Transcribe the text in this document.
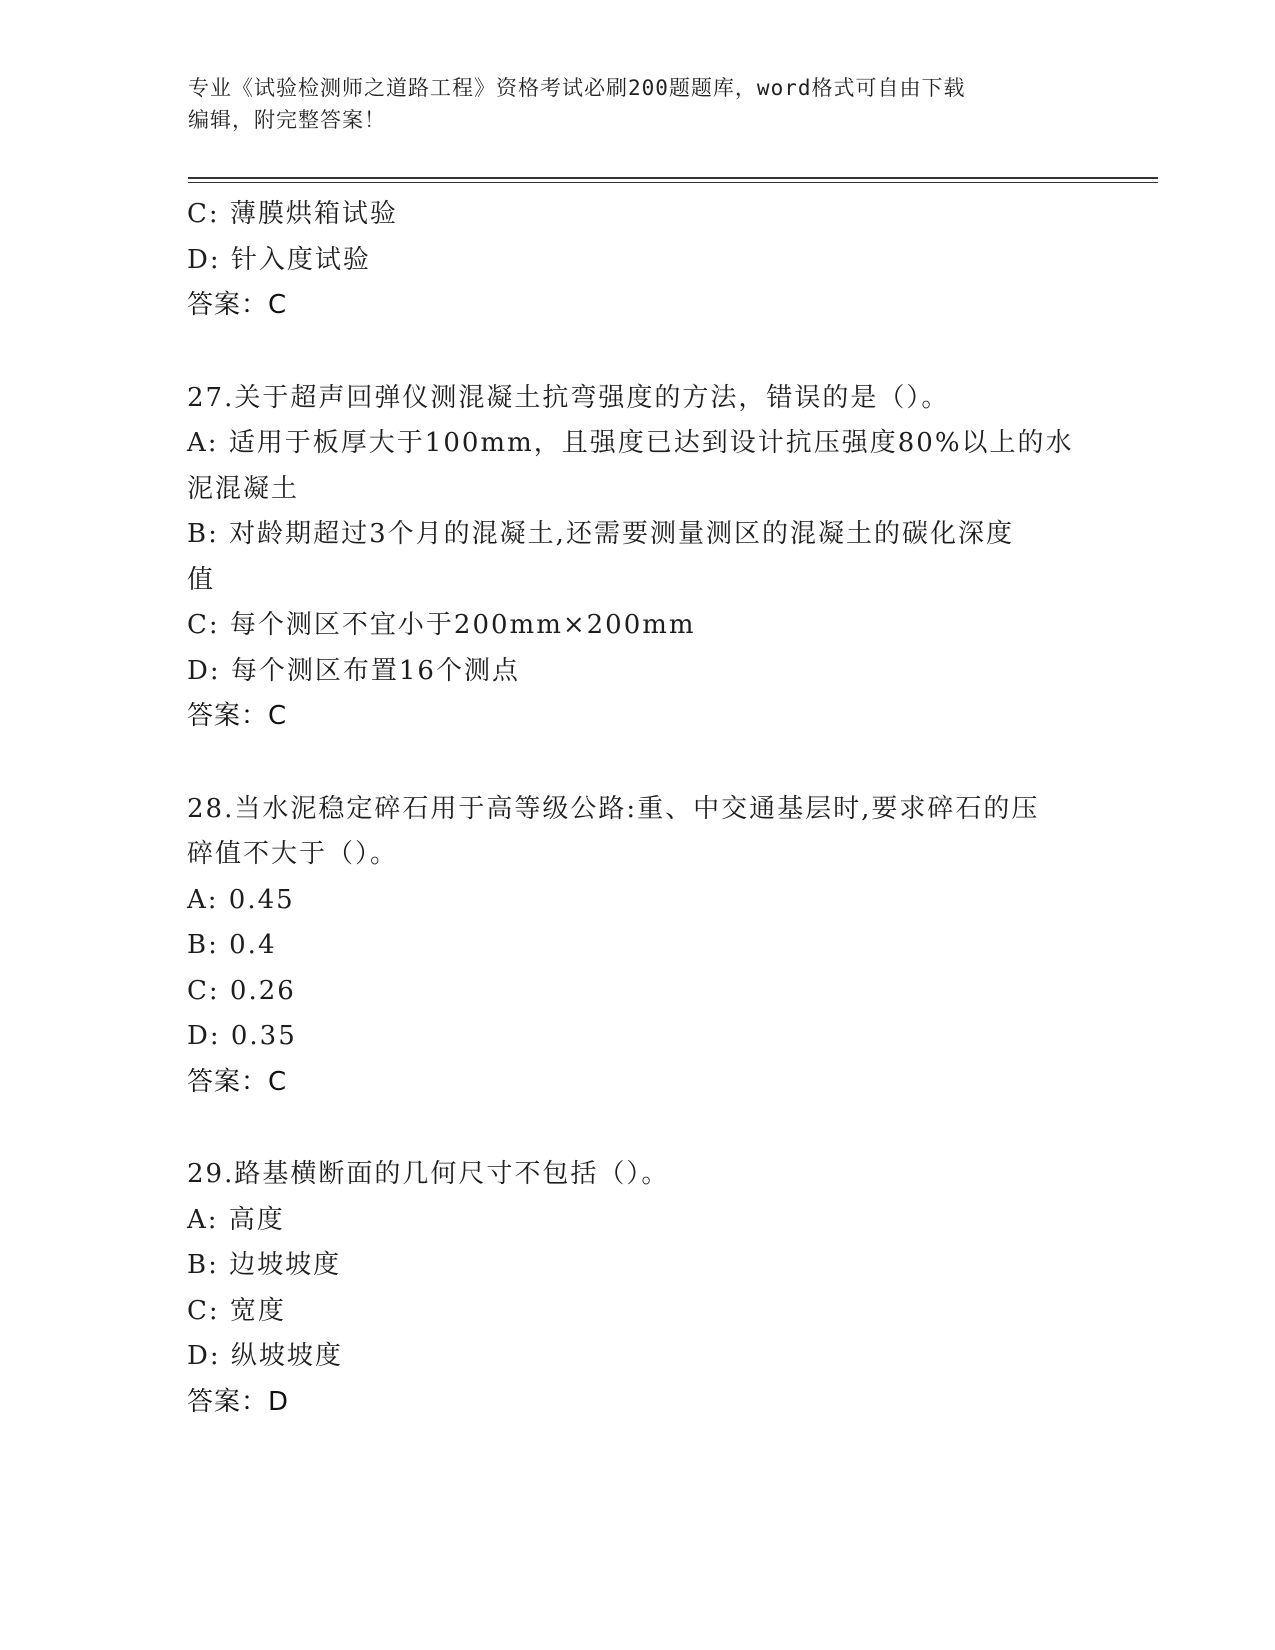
专业《试验检测师之道路工程》资格考试必刷200题题库，word格式可自由下载
编辑，附完整答案！
C: 薄膜烘箱试验
D: 针入度试验
答案：C
27.关于超声回弹仪测混凝土抗弯强度的方法，错误的是（）。
A: 适用于板厚大于100mm，且强度已达到设计抗压强度80%以上的水
泥混凝土
B: 对龄期超过3个月的混凝土,还需要测量测区的混凝土的碳化深度
值
C: 每个测区不宜小于200mm×200mm
D: 每个测区布置16个测点
答案：C
28.当水泥稳定碎石用于高等级公路:重、中交通基层时,要求碎石的压
碎值不大于（）。
A: 0.45
B: 0.4
C: 0.26
D: 0.35
答案：C
29.路基横断面的几何尺寸不包括（）。
A: 高度
B: 边坡坡度
C: 宽度
D: 纵坡坡度
答案：D
